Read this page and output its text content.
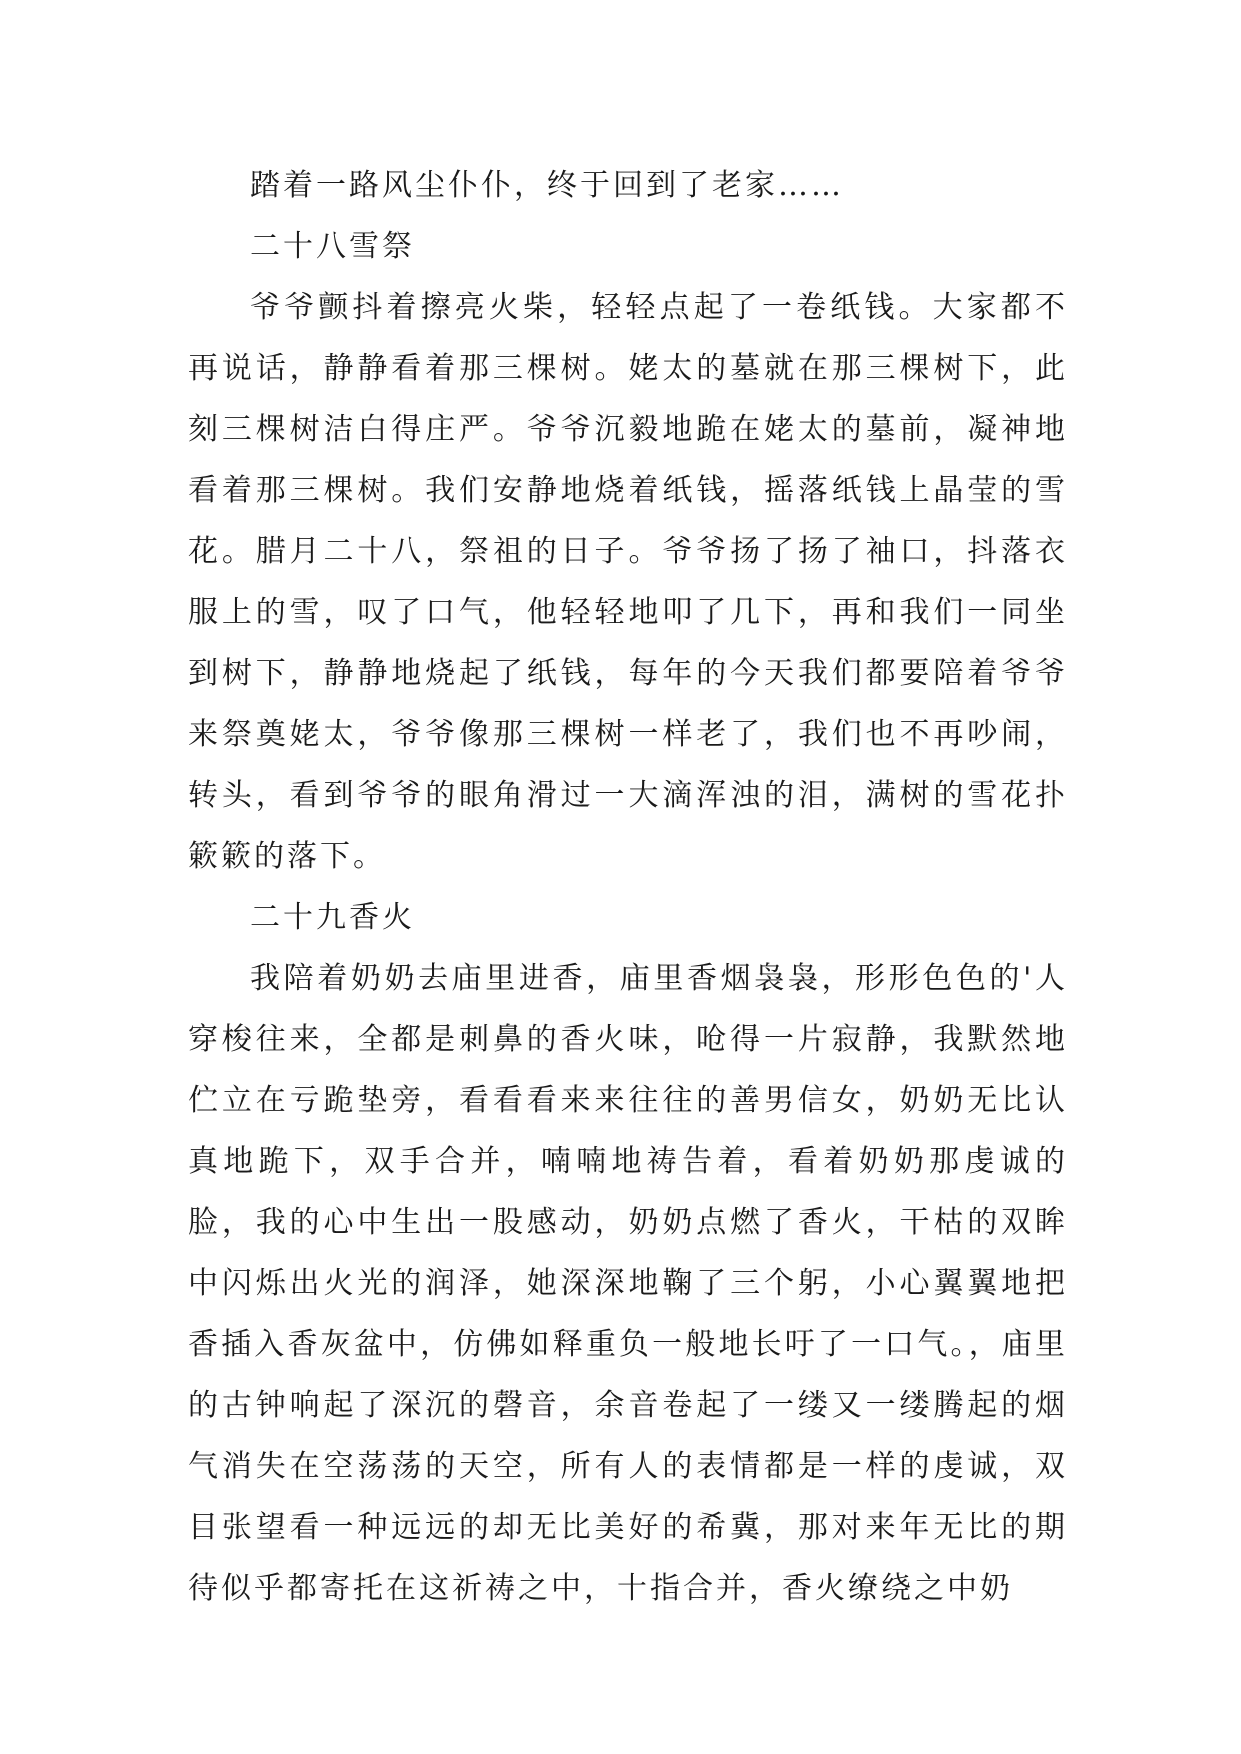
踏着一路风尘仆仆，终于回到了老家……

二十八雪祭

爷爷颤抖着擦亮火柴，轻轻点起了一卷纸钱。大家都不再说话，静静看着那三棵树。姥太的墓就在那三棵树下，此刻三棵树洁白得庄严。爷爷沉毅地跪在姥太的墓前，凝神地看着那三棵树。我们安静地烧着纸钱，摇落纸钱上晶莹的雪花。腊月二十八，祭祖的日子。爷爷扬了扬了袖口，抖落衣服上的雪，叹了口气，他轻轻地叩了几下，再和我们一同坐到树下，静静地烧起了纸钱，每年的今天我们都要陪着爷爷来祭奠姥太，爷爷像那三棵树一样老了，我们也不再吵闹，转头，看到爷爷的眼角滑过一大滴浑浊的泪，满树的雪花扑簌簌的落下。

二十九香火

我陪着奶奶去庙里进香，庙里香烟袅袅，形形色色的'人穿梭往来，全都是刺鼻的香火味，呛得一片寂静，我默然地伫立在亏跪垫旁，看看看来来往往的善男信女，奶奶无比认真地跪下，双手合并，喃喃地祷告着，看着奶奶那虔诚的脸，我的心中生出一股感动，奶奶点燃了香火，干枯的双眸中闪烁出火光的润泽，她深深地鞠了三个躬，小心翼翼地把香插入香灰盆中，仿佛如释重负一般地长吁了一口气。，庙里的古钟响起了深沉的磬音，余音卷起了一缕又一缕腾起的烟气消失在空荡荡的天空，所有人的表情都是一样的虔诚，双目张望看一种远远的却无比美好的希冀，那对来年无比的期待似乎都寄托在这祈祷之中，十指合并，香火缭绕之中奶
